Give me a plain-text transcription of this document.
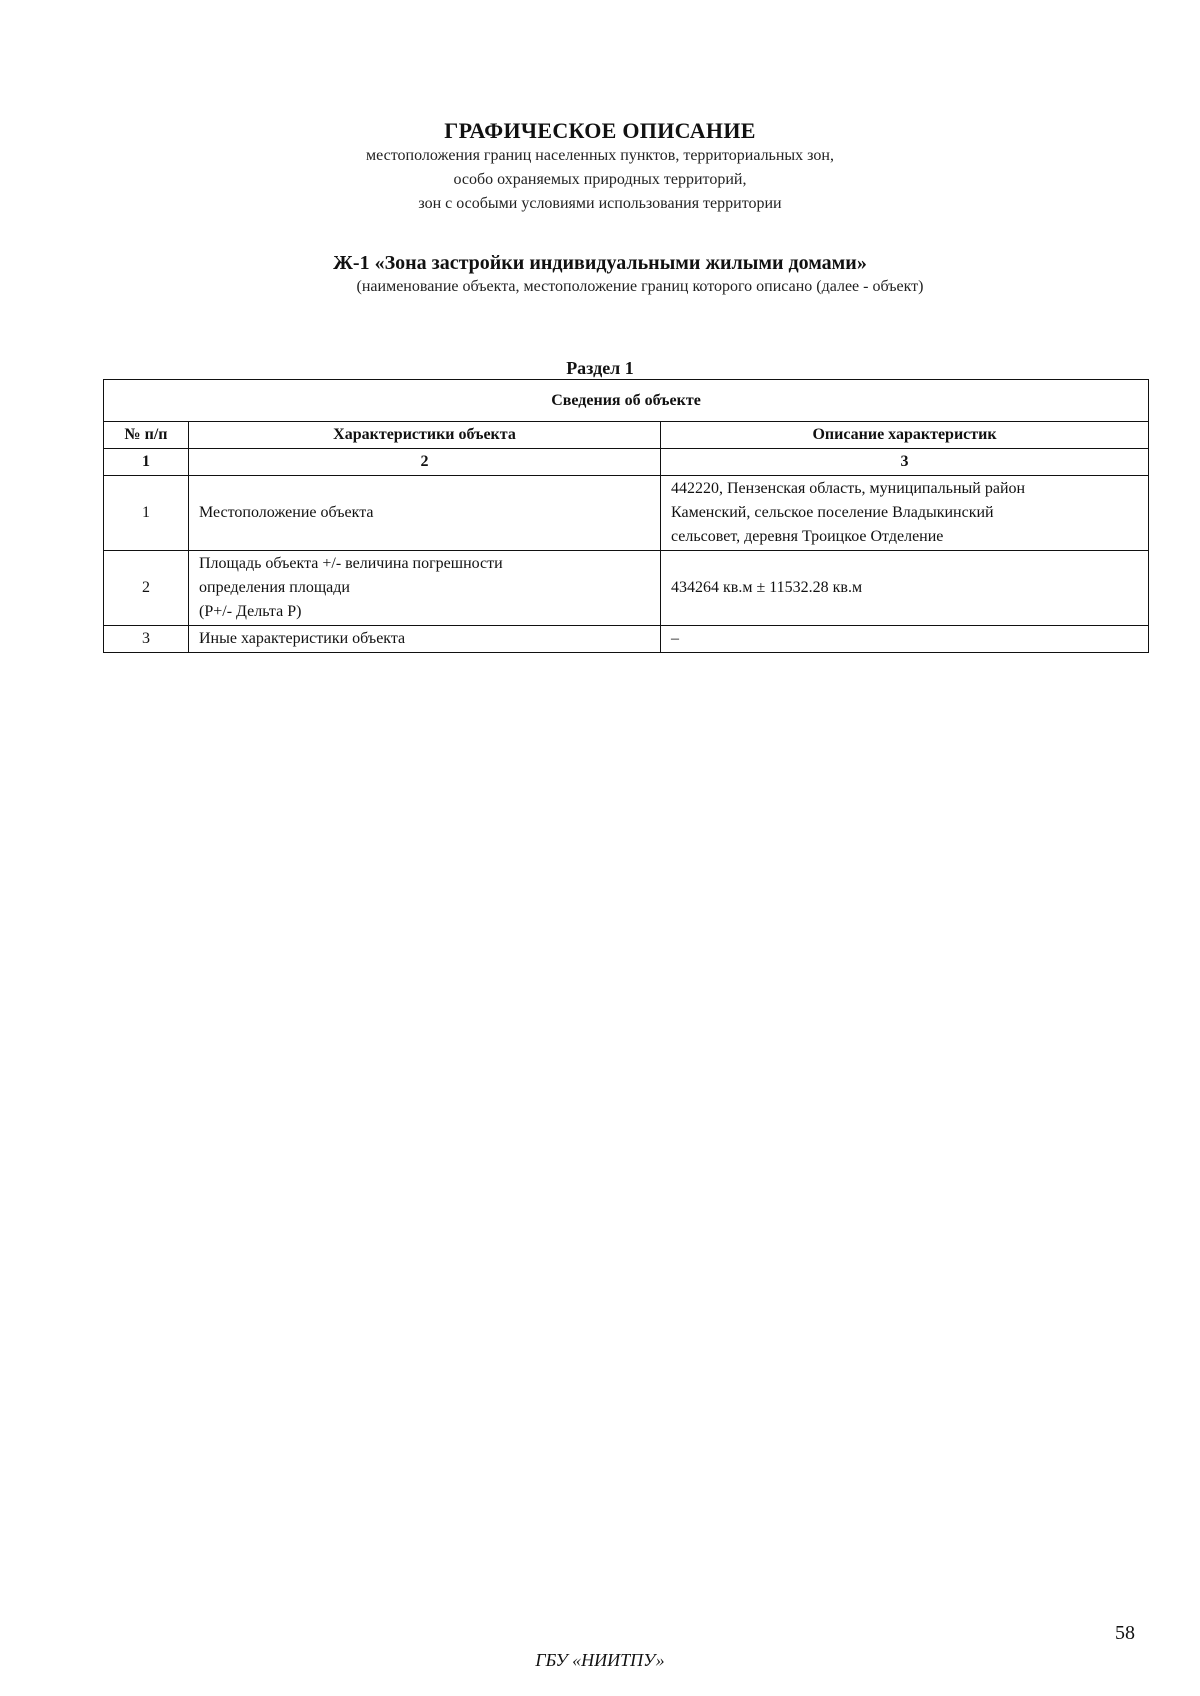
ГРАФИЧЕСКОЕ ОПИСАНИЕ
местоположения границ населенных пунктов, территориальных зон,
особо охраняемых природных территорий,
зон с особыми условиями использования территории
Ж-1 «Зона застройки индивидуальными жилыми домами»
(наименование объекта, местоположение границ которого описано (далее - объект)
Раздел 1
Сведения об объекте		
№ п/п	Характеристики объекта	Описание характеристик
1	2	3
1	Местоположение объекта	442220, Пензенская область, муниципальный район
Каменский, сельское поселение Владыкинский
сельсовет, деревня Троицкое Отделение
2	Площадь объекта +/- величина погрешности
определения площади
(Р+/- Дельта Р)	434264 кв.м ± 11532.28 кв.м
3	Иные характеристики объекта	–
58
ГБУ «НИИТПУ»
